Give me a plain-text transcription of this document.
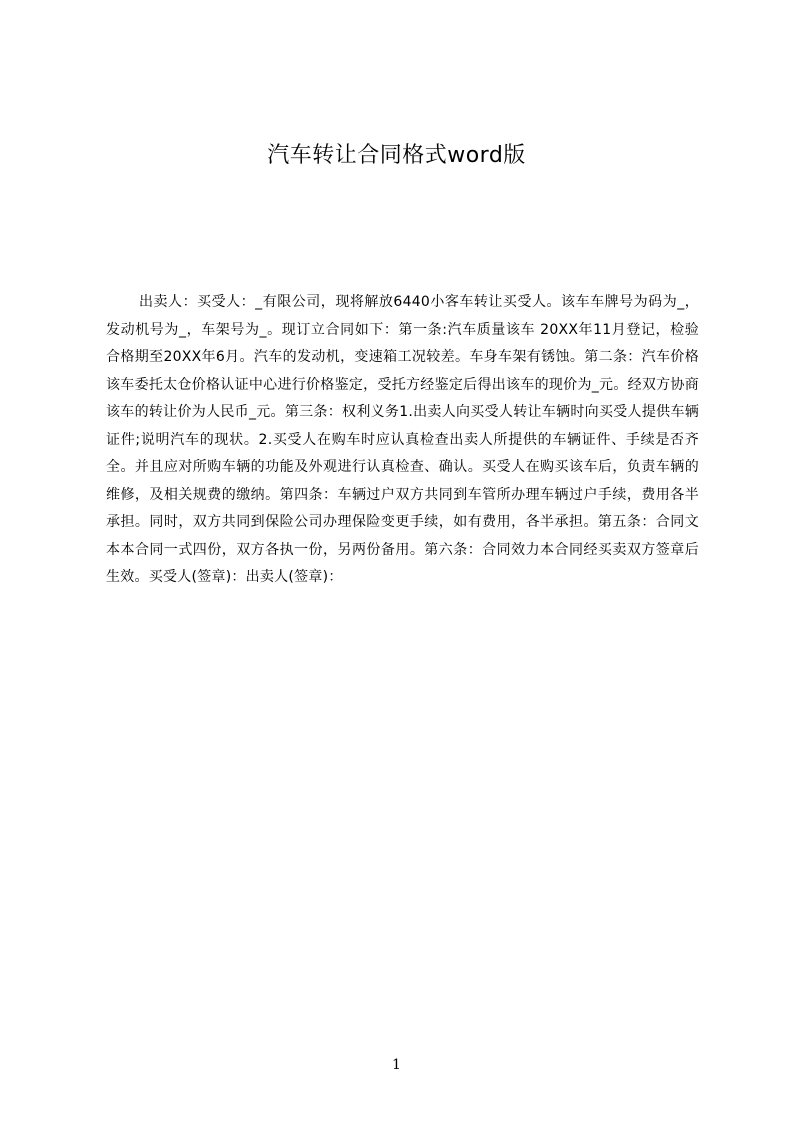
汽车转让合同格式word版

出卖人：买受人：_有限公司，现将解放6440小客车转让买受人。该车车牌号为码为_，发动机号为_，车架号为_。现订立合同如下：第一条:汽车质量该车 20XX年11月登记，检验合格期至20XX年6月。汽车的发动机，变速箱工况较差。车身车架有锈蚀。第二条：汽车价格该车委托太仓价格认证中心进行价格鉴定，受托方经鉴定后得出该车的现价为_元。经双方协商该车的转让价为人民币_元。第三条：权利义务1.出卖人向买受人转让车辆时向买受人提供车辆证件;说明汽车的现状。2.买受人在购车时应认真检查出卖人所提供的车辆证件、手续是否齐全。并且应对所购车辆的功能及外观进行认真检查、确认。买受人在购买该车后，负责车辆的维修，及相关规费的缴纳。第四条：车辆过户双方共同到车管所办理车辆过户手续，费用各半承担。同时，双方共同到保险公司办理保险变更手续，如有费用，各半承担。第五条：合同文本本合同一式四份，双方各执一份，另两份备用。第六条：合同效力本合同经买卖双方签章后生效。买受人(签章)：出卖人(签章)：

1
